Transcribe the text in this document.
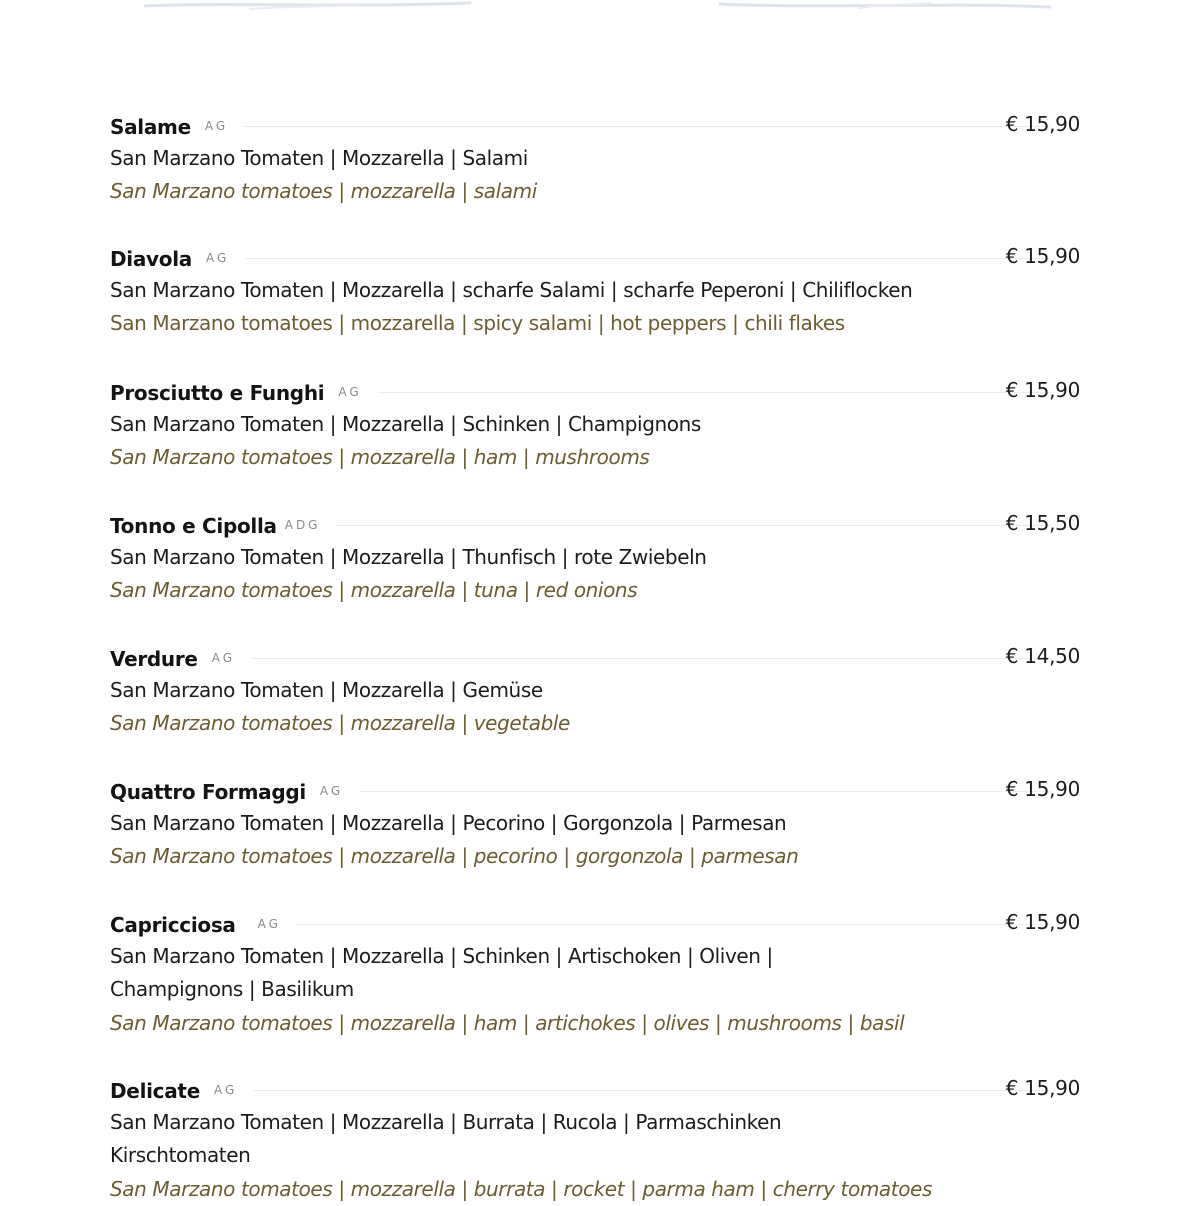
Salame AG	€ 15,90
San Marzano Tomaten | Mozzarella | Salami
San Marzano tomatoes | mozzarella | salami
Diavola AG	€ 15,90
San Marzano Tomaten | Mozzarella | scharfe Salami | scharfe Peperoni | Chiliflocken
San Marzano tomatoes | mozzarella | spicy salami | hot peppers | chili flakes
Prosciutto e Funghi AG	€ 15,90
San Marzano Tomaten | Mozzarella | Schinken | Champignons
San Marzano tomatoes | mozzarella | ham | mushrooms
Tonno e Cipolla ADG	€ 15,50
San Marzano Tomaten | Mozzarella | Thunfisch | rote Zwiebeln
San Marzano tomatoes | mozzarella | tuna | red onions
Verdure AG	€ 14,50
San Marzano Tomaten | Mozzarella | Gemüse
San Marzano tomatoes | mozzarella | vegetable
Quattro Formaggi AG	€ 15,90
San Marzano Tomaten | Mozzarella | Pecorino | Gorgonzola | Parmesan
San Marzano tomatoes | mozzarella | pecorino | gorgonzola | parmesan
Capricciosa AG	€ 15,90
San Marzano Tomaten | Mozzarella | Schinken | Artischoken | Oliven | Champignons | Basilikum
San Marzano tomatoes | mozzarella | ham | artichokes | olives | mushrooms | basil
Delicate AG	€ 15,90
San Marzano Tomaten | Mozzarella | Burrata | Rucola | Parmaschinken Kirschtomaten
San Marzano tomatoes | mozzarella | burrata | rocket | parma ham | cherry tomatoes
